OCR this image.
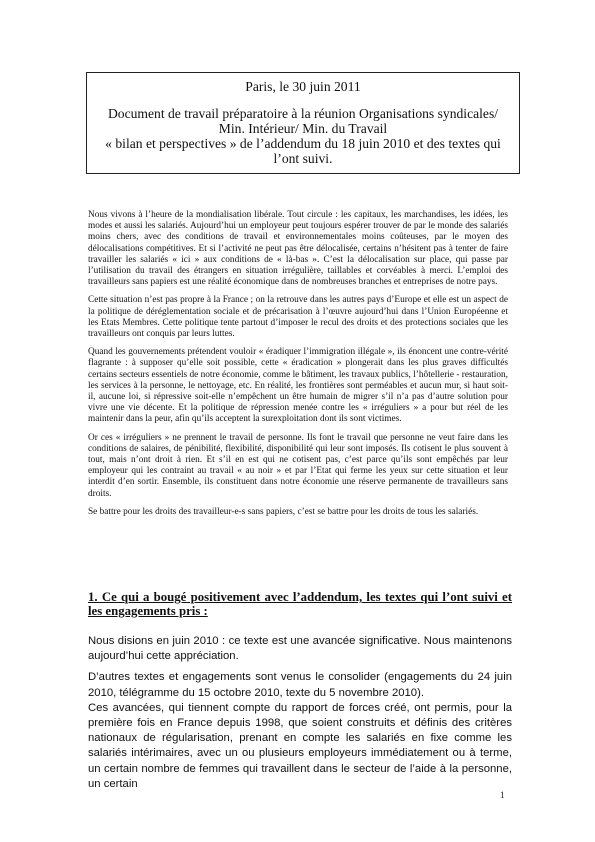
Paris, le 30 juin 2011
Document de travail préparatoire à la réunion Organisations syndicales/
Min. Intérieur/ Min. du Travail
« bilan et perspectives » de l’addendum du 18 juin 2010 et des textes qui
l’ont suivi.

Nous vivons à l’heure de la mondialisation libérale. Tout circule : les capitaux, les marchandises, les idées, les modes et aussi les salariés. Aujourd’hui un employeur peut toujours espérer trouver de par le monde des salariés moins chers, avec des conditions de travail et environnementales moins coûteuses, par le moyen des délocalisations compétitives. Et si l’activité ne peut pas être délocalisée, certains n’hésitent pas à tenter de faire travailler les salariés « ici » aux conditions de « là-bas ». C’est la délocalisation sur place, qui passe par l’utilisation du travail des étrangers en situation irrégulière, taillables et corvéables à merci. L’emploi des travailleurs sans papiers est une réalité économique dans de nombreuses branches et entreprises de notre pays.

Cette situation n’est pas propre à la France ; on la retrouve dans les autres pays d’Europe et elle est un aspect de la politique de déréglementation sociale et de précarisation à l’œuvre aujourd’hui dans l’Union Européenne et les Etats Membres. Cette politique tente partout d’imposer le recul des droits et des protections sociales que les travailleurs ont conquis par leurs luttes.

Quand les gouvernements prétendent vouloir « éradiquer l’immigration illégale », ils énoncent une contre-vérité flagrante : à supposer qu’elle soit possible, cette « éradication » plongerait dans les plus graves difficultés certains secteurs essentiels de notre économie, comme le bâtiment, les travaux publics, l’hôtellerie - restauration, les services à la personne, le nettoyage, etc. En réalité, les frontières sont perméables et aucun mur, si haut soit-il, aucune loi, si répressive soit-elle n’empêchent un être humain de migrer s’il n’a pas d’autre solution pour vivre une vie décente. Et la politique de répression menée contre les « irréguliers » a pour but réel de les maintenir dans la peur, afin qu’ils acceptent la surexploitation dont ils sont victimes.

Or ces « irréguliers » ne prennent le travail de personne. Ils font le travail que personne ne veut faire dans les conditions de salaires, de pénibilité, flexibilité, disponibilité qui leur sont imposés. Ils cotisent le plus souvent à tout, mais n’ont droit à rien. Et s’il en est qui ne cotisent pas, c’est parce qu’ils sont empêchés par leur employeur qui les contraint au travail « au noir » et par l’Etat qui ferme les yeux sur cette situation et leur interdit d’en sortir. Ensemble, ils constituent dans notre économie une réserve permanente de travailleurs sans droits.

Se battre pour les droits des travailleur-e-s sans papiers, c’est se battre pour les droits de tous les salariés.

1. Ce qui a bougé positivement avec l’addendum, les textes qui l’ont suivi et les engagements pris :

Nous disions en juin 2010 : ce texte est une avancée significative. Nous maintenons aujourd’hui cette appréciation.

D’autres textes et engagements sont venus le consolider (engagements du 24 juin 2010, télégramme du 15 octobre 2010, texte du 5 novembre 2010).

Ces avancées, qui tiennent compte du rapport de forces créé, ont permis, pour la première fois en France depuis 1998, que soient construits et définis des critères nationaux de régularisation, prenant en compte les salariés en fixe comme les salariés intérimaires, avec un ou plusieurs employeurs immédiatement ou à terme, un certain nombre de femmes qui travaillent dans le secteur de l’aide à la personne, un certain

1
